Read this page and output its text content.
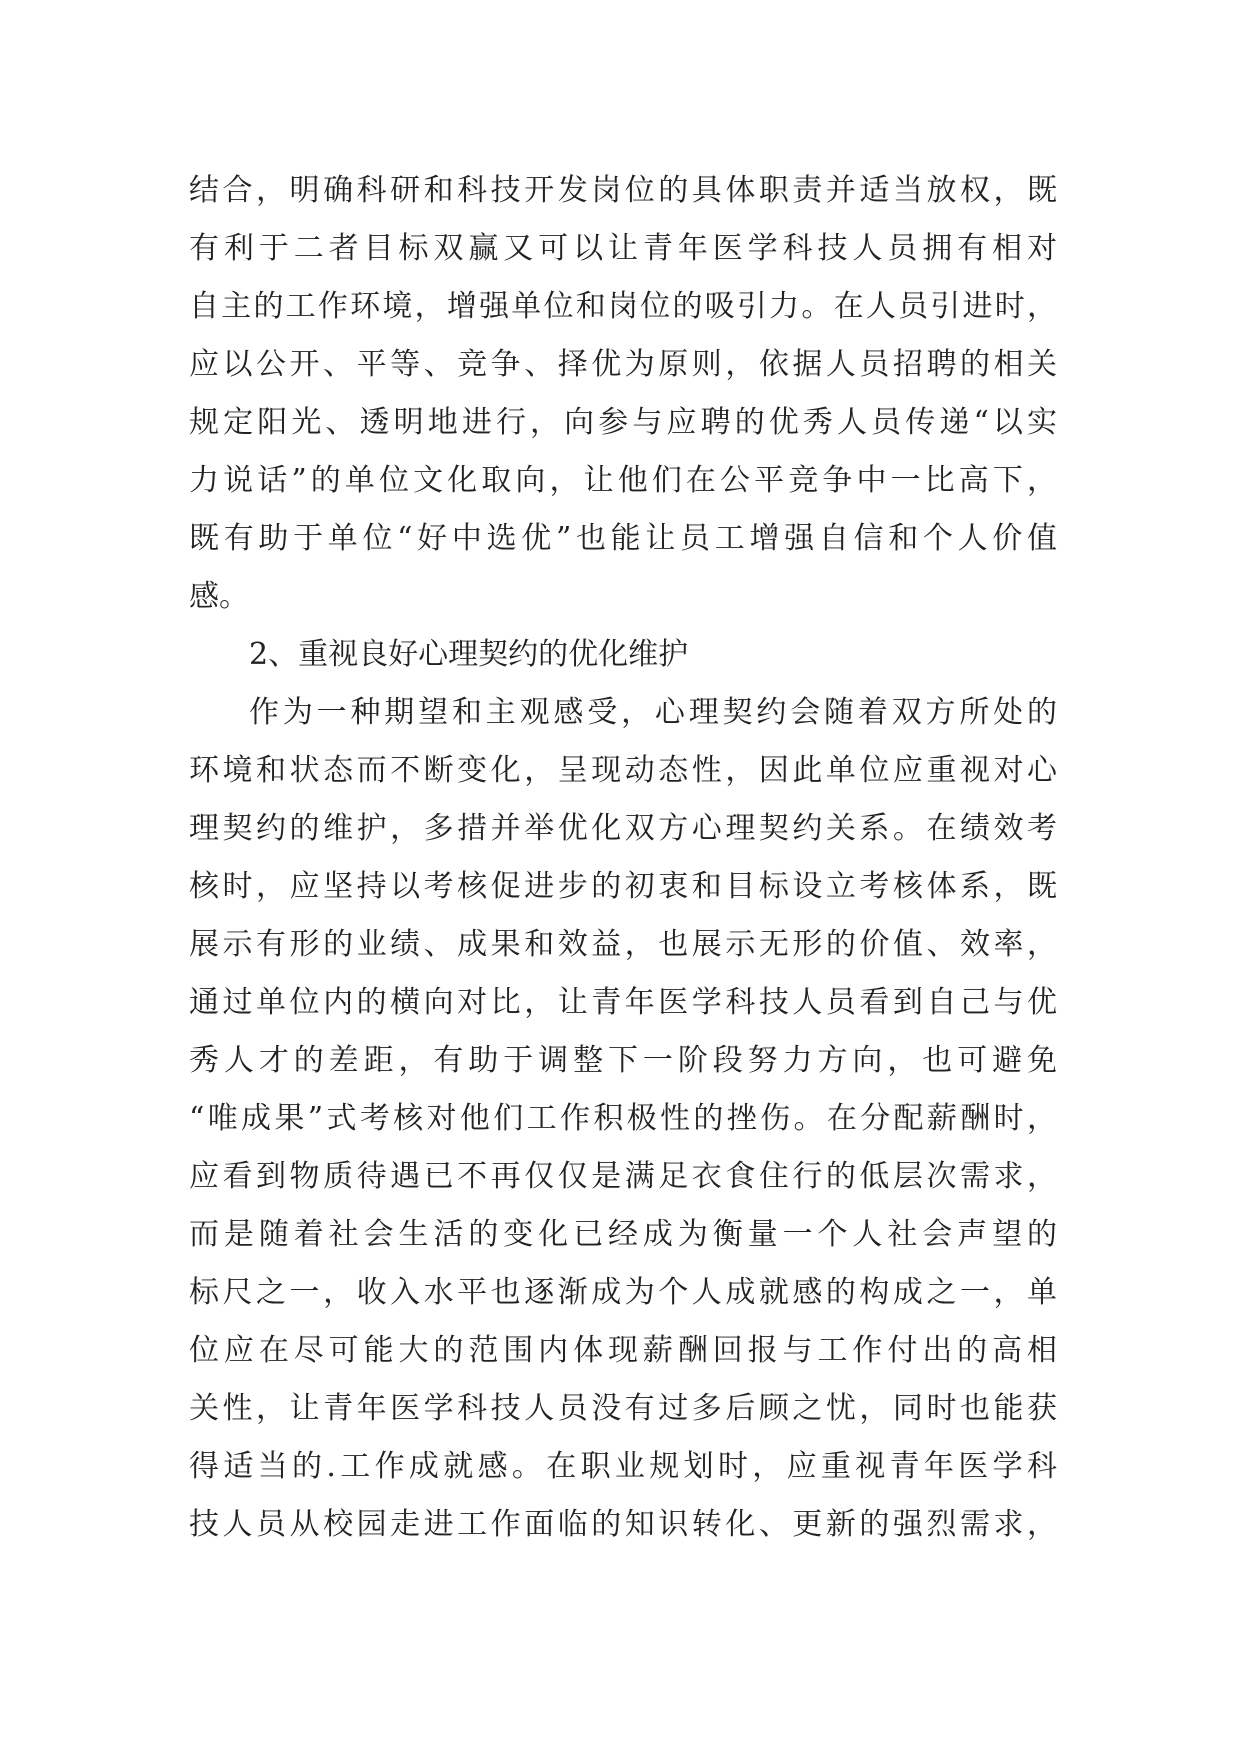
结合，明确科研和科技开发岗位的具体职责并适当放权，既
有利于二者目标双赢又可以让青年医学科技人员拥有相对
自主的工作环境，增强单位和岗位的吸引力。在人员引进时，
应以公开、平等、竞争、择优为原则，依据人员招聘的相关
规定阳光、透明地进行，向参与应聘的优秀人员传递“以实
力说话”的单位文化取向，让他们在公平竞争中一比高下，
既有助于单位“好中选优”也能让员工增强自信和个人价值
感。
2、重视良好心理契约的优化维护
作为一种期望和主观感受，心理契约会随着双方所处的
环境和状态而不断变化，呈现动态性，因此单位应重视对心
理契约的维护，多措并举优化双方心理契约关系。在绩效考
核时，应坚持以考核促进步的初衷和目标设立考核体系，既
展示有形的业绩、成果和效益，也展示无形的价值、效率，
通过单位内的横向对比，让青年医学科技人员看到自己与优
秀人才的差距，有助于调整下一阶段努力方向，也可避免
“唯成果”式考核对他们工作积极性的挫伤。在分配薪酬时，
应看到物质待遇已不再仅仅是满足衣食住行的低层次需求，
而是随着社会生活的变化已经成为衡量一个人社会声望的
标尺之一，收入水平也逐渐成为个人成就感的构成之一，单
位应在尽可能大的范围内体现薪酬回报与工作付出的高相
关性，让青年医学科技人员没有过多后顾之忧，同时也能获
得适当的.工作成就感。在职业规划时，应重视青年医学科
技人员从校园走进工作面临的知识转化、更新的强烈需求，
